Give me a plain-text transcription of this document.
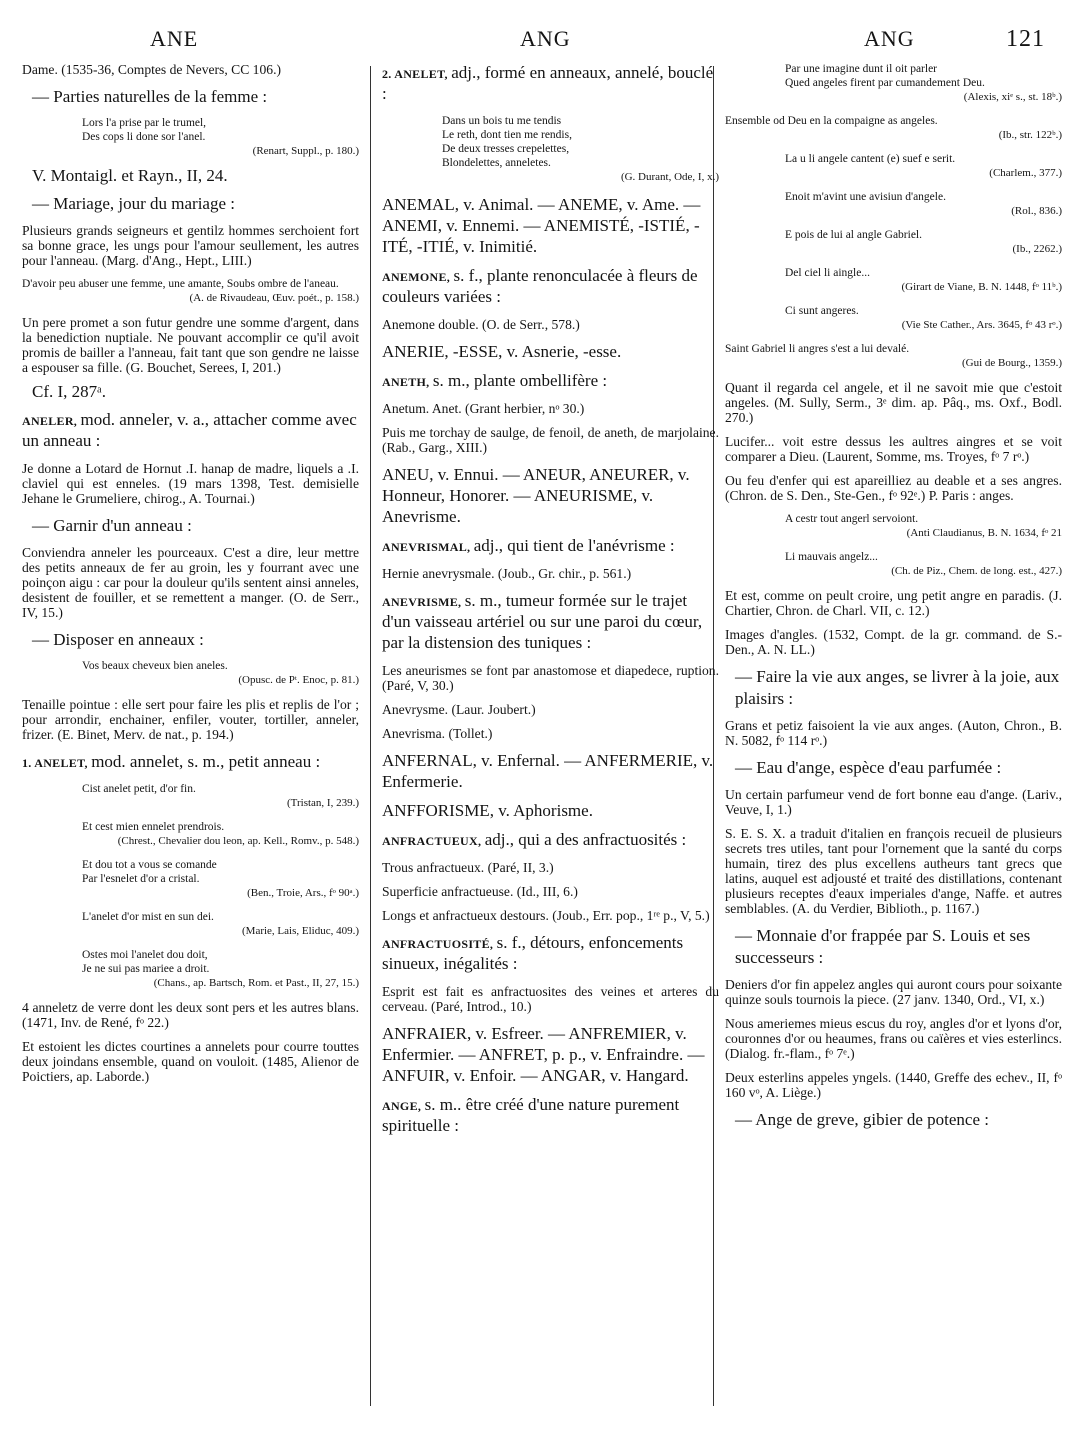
ANE	ANG	ANG	121

Dame. (1535-36, Comptes de Nevers, CC 106.)

— Parties naturelles de la femme :

Lors l'a prise par le trumel,
Des cops li done sor l'anel.
(Renart, Suppl., p. 180.)

V. Montaigl. et Rayn., II, 24.

— Mariage, jour du mariage :

Plusieurs grands seigneurs et gentilz hommes serchoient fort sa bonne grace, les ungs pour l'amour seullement, les autres pour l'anneau. (Marg. d'Ang., Hept., LIII.)

D'avoir peu abuser une femme, une amante, Soubs ombre de l'aneau.
(A. de Rivaudeau, Œuv. poét., p. 158.)

Un pere promet a son futur gendre une somme d'argent, dans la benediction nuptiale. Ne pouvant accomplir ce qu'il avoit promis de bailler a l'anneau, fait tant que son gendre ne laisse a espouser sa fille. (G. Bouchet, Serees, I, 201.)

Cf. I, 287ᵃ.

ANELER, mod. anneler, v. a., attacher comme avec un anneau :

Je donne a Lotard de Hornut .I. hanap de madre, liquels a .I. claviel qui est enneles. (19 mars 1398, Test. demisielle Jehane le Grumeliere, chirog., A. Tournai.)

— Garnir d'un anneau :

Conviendra anneler les pourceaux. C'est a dire, leur mettre des petits anneaux de fer au groin, les y fourrant avec une poinçon aigu : car pour la douleur qu'ils sentent ainsi anneles, desistent de fouiller, et se remettent a manger. (O. de Serr., IV, 15.)

— Disposer en anneaux :

Vos beaux cheveux bien aneles.
(Opusc. de Pᵗ. Enoc, p. 81.)

Tenaille pointue : elle sert pour faire les plis et replis de l'or ; pour arrondir, enchainer, enfiler, vouter, tortiller, anneler, frizer. (E. Binet, Merv. de nat., p. 194.)

1. ANELET, mod. annelet, s. m., petit anneau :
Cist anelet petit, d'or fin.
(Tristan, I, 239.)
Et cest mien ennelet prendrois.
(Chrest., Chevalier dou leon, ap. Kell., Romv., p. 548.)
Et dou tot a vous se comande
Par l'esnelet d'or a cristal.
(Ben., Troie, Ars., fᵒ 90ᵃ.)
L'anelet d'or mist en sun dei.
(Marie, Lais, Eliduc, 409.)
Ostes moi l'anelet dou doit,
Je ne sui pas mariee a droit.
(Chans., ap. Bartsch, Rom. et Past., II, 27, 15.)

4 anneletz de verre dont les deux sont pers et les autres blans. (1471, Inv. de René, fᵒ 22.)

Et estoient les dictes courtines a annelets pour courre touttes deux joindans ensemble, quand on vouloit. (1485, Alienor de Poictiers, ap. Laborde.)

2. ANELET, adj., formé en anneaux, annelé, bouclé :
Dans un bois tu me tendis
Le reth, dont tien me rendis,
De deux tresses crepelettes,
Blondelettes, anneletes.
(G. Durant, Ode, I, x.)

ANEMAL, v. Animal. — ANEME, v. Ame. — ANEMI, v. Ennemi. — ANEMISTÉ, -ISTIÉ, -ITÉ, -ITIÉ, v. Inimitié.

ANEMONE, s. f., plante renonculacée à fleurs de couleurs variées :

Anemone double. (O. de Serr., 578.)

ANERIE, -ESSE, v. Asnerie, -esse.

ANETH, s. m., plante ombellifère :

Anetum. Anet. (Grant herbier, nᵒ 30.)

Puis me torchay de saulge, de fenoil, de aneth, de marjolaine. (Rab., Garg., XIII.)

ANEU, v. Ennui. — ANEUR, ANEURER, v. Honneur, Honorer. — ANEURISME, v. Anevrisme.

ANEVRISMAL, adj., qui tient de l'anévrisme :

Hernie anevrysmale. (Joub., Gr. chir., p. 561.)

ANEVRISME, s. m., tumeur formée sur le trajet d'un vaisseau artériel ou sur une paroi du cœur, par la distension des tuniques :

Les aneurismes se font par anastomose et diapedece, ruption. (Paré, V, 30.)

Anevrysme. (Laur. Joubert.)

Anevrisma. (Tollet.)

ANFERNAL, v. Enfernal. — ANFERMERIE, v. Enfermerie.

ANFFORISME, v. Aphorisme.

ANFRACTUEUX, adj., qui a des anfractuosités :

Trous anfractueux. (Paré, II, 3.)

Superficie anfractueuse. (Id., III, 6.)

Longs et anfractueux destours. (Joub., Err. pop., 1ʳᵉ p., V, 5.)

ANFRACTUOSITÉ, s. f., détours, enfoncements sinueux, inégalités :

Esprit est fait es anfractuosites des veines et arteres du cerveau. (Paré, Introd., 10.)

ANFRAIER, v. Esfreer. — ANFREMIER, v. Enfermier. — ANFRET, p. p., v. Enfraindre. — ANFUIR, v. Enfoir. — ANGAR, v. Hangard.

ANGE, s. m.. être créé d'une nature purement spirituelle :
Par une imagine dunt il oit parler
Qued angeles firent par cumandement Deu.
(Alexis, xiᵉ s., st. 18ᵇ.)
Ensemble od Deu en la compaigne as angeles.
(Ib., str. 122ᵇ.)
La u li angele cantent (e) suef e serit.
(Charlem., 377.)
Enoit m'avint une avisiun d'angele.
(Rol., 836.)
E pois de lui al angle Gabriel.
(Ib., 2262.)
Del ciel li aingle...
(Girart de Viane, B. N. 1448, fᵒ 11ᵇ.)
Ci sunt angeres.
(Vie Ste Cather., Ars. 3645, fᵒ 43 rᵒ.)
Saint Gabriel li angres s'est a lui devalé.
(Gui de Bourg., 1359.)

Quant il regarda cel angele, et il ne savoit mie que c'estoit angeles. (M. Sully, Serm., 3ᵉ dim. ap. Pâq., ms. Oxf., Bodl. 270.)

Lucifer... voit estre dessus les aultres aingres et se voit comparer a Dieu. (Laurent, Somme, ms. Troyes, fᵒ 7 rᵒ.)

Ou feu d'enfer qui est apareilliez au deable et a ses angres. (Chron. de S. Den., Ste-Gen., fᵒ 92ᵉ.) P. Paris : anges.

A cestr tout angerl servoiont.
(Anti Claudianus, B. N. 1634, fᵒ 21
Li mauvais angelz...
(Ch. de Piz., Chem. de long. est., 427.)

Et est, comme on peult croire, ung petit angre en paradis. (J. Chartier, Chron. de Charl. VII, c. 12.)

Images d'angles. (1532, Compt. de la gr. command. de S.-Den., A. N. LL.)

— Faire la vie aux anges, se livrer à la joie, aux plaisirs :

Grans et petiz faisoient la vie aux anges. (Auton, Chron., B. N. 5082, fᵒ 114 rᵒ.)

— Eau d'ange, espèce d'eau parfumée :

Un certain parfumeur vend de fort bonne eau d'ange. (Lariv., Veuve, I, 1.)

S. E. S. X. a traduit d'italien en françois recueil de plusieurs secrets tres utiles, tant pour l'ornement que la santé du corps humain, tirez des plus excellens autheurs tant grecs que latins, auquel est adjousté et traité des distillations, contenant plusieurs receptes d'eaux imperiales d'ange, Naffe. et autres semblables. (A. du Verdier, Biblioth., p. 1167.)

— Monnaie d'or frappée par S. Louis et ses successeurs :

Deniers d'or fin appelez angles qui auront cours pour soixante quinze souls tournois la piece. (27 janv. 1340, Ord., VI, x.)

Nous ameriemes mieus escus du roy, angles d'or et lyons d'or, couronnes d'or ou heaumes, frans ou caïères et vies esterlincs. (Dialog. fr.-flam., fᵒ 7ᵉ.)

Deux esterlins appeles yngels. (1440, Greffe des echev., II, fᵒ 160 vᵒ, A. Liège.)

— Ange de greve, gibier de potence :
